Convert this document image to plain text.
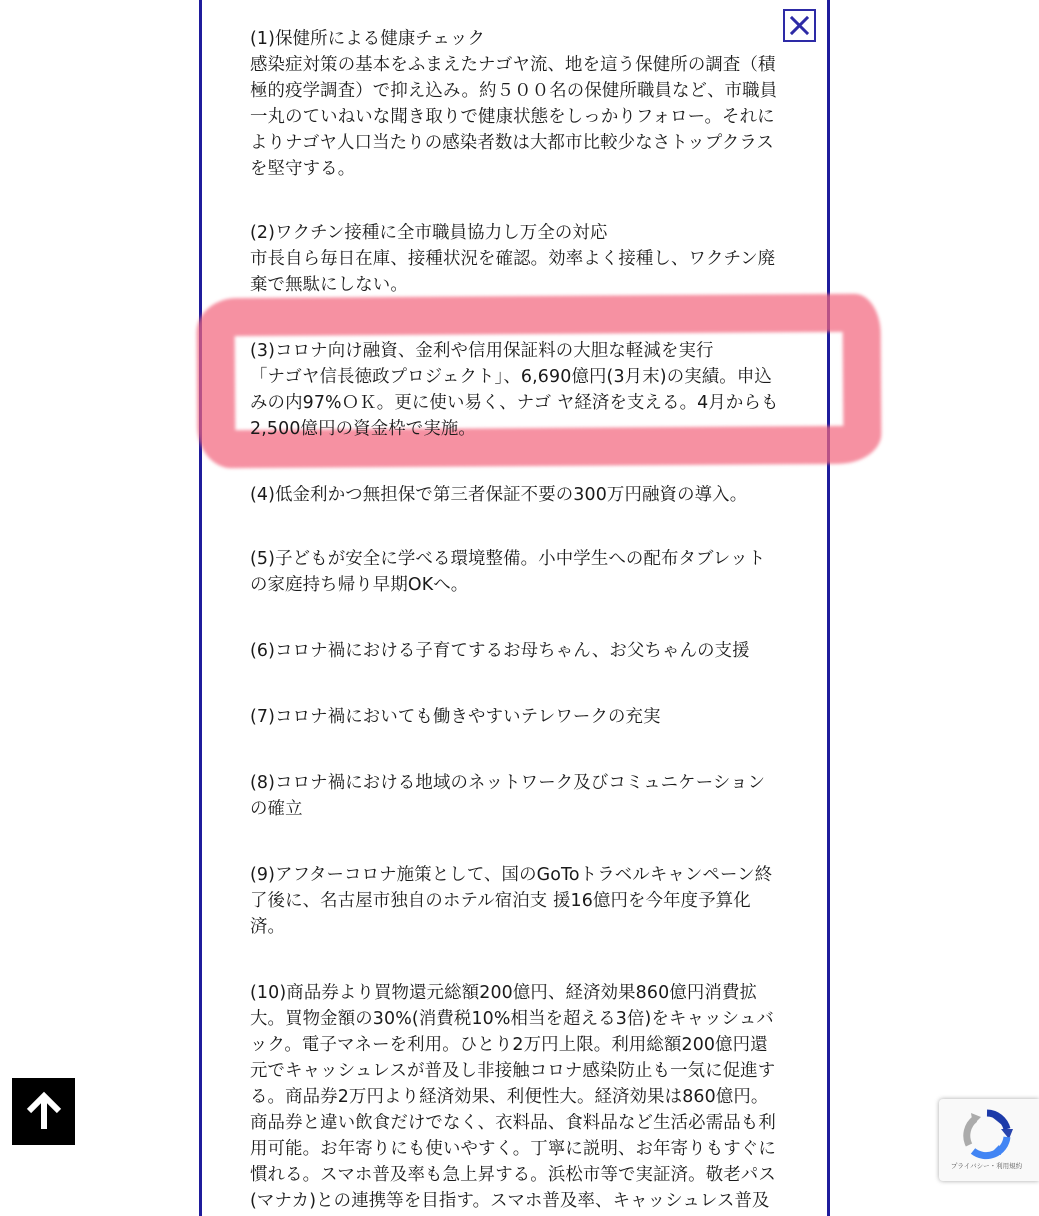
(1)保健所による健康チェック

感染症対策の基本をふまえたナゴヤ流、地を這う保健所の調査（積極的疫学調査）で抑え込み。約５００名の保健所職員など、市職員一丸のていねいな聞き取りで健康状態をしっかりフォロー。それによりナゴヤ人口当たりの感染者数は大都市比較少なさトップクラスを堅守する。

(2)ワクチン接種に全市職員協力し万全の対応

市長自ら毎日在庫、接種状況を確認。効率よく接種し、ワクチン廃棄で無駄にしない。

(3)コロナ向け融資、金利や信用保証料の大胆な軽減を実行

「ナゴヤ信長徳政プロジェクト」、6,690億円(3月末)の実績。申込みの内97%ＯＫ。更に使い易く、ナゴ ヤ経済を支える。4月からも2,500億円の資金枠で実施。

(4)低金利かつ無担保で第三者保証不要の300万円融資の導入。

(5)子どもが安全に学べる環境整備。小中学生への配布タブレットの家庭持ち帰り早期OKへ。

(6)コロナ禍における子育てするお母ちゃん、お父ちゃんの支援

(7)コロナ禍においても働きやすいテレワークの充実

(8)コロナ禍における地域のネットワーク及びコミュニケーションの確立

(9)アフターコロナ施策として、国のGoToトラベルキャンペーン終了後に、名古屋市独自のホテル宿泊支 援16億円を今年度予算化済。

(10)商品券より買物還元総額200億円、経済効果860億円消費拡大。買物金額の30%(消費税10%相当を超える3倍)をキャッシュバック。電子マネーを利用。ひとり2万円上限。利用総額200億円還元でキャッシュレスが普及し非接触コロナ感染防止も一気に促進する。商品券2万円より経済効果、利便性大。経済効果は860億円。商品券と違い飲食だけでなく、衣料品、食料品など生活必需品も利用可能。お年寄りにも使いやすく。丁寧に説明、お年寄りもすぐに慣れる。スマホ普及率も急上昇する。浜松市等で実証済。敬老パス(マナカ)との連携等を目指す。スマホ普及率、キャッシュレス普及

プライバシー・利用規約
